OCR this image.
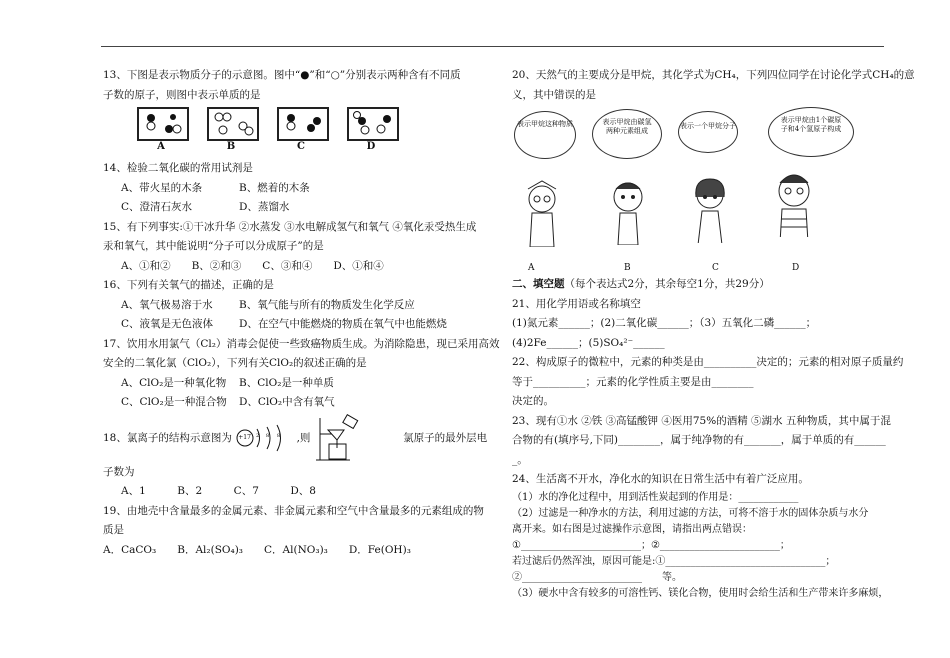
13、下图是表示物质分子的示意图。图中“●”和“○”分别表示两种含有不同质
子数的原子，则图中表示单质的是
A	B	C	D
14、检验二氧化碳的常用试剂是
A、带火星的木条	B、燃着的木条
C、澄清石灰水	D、蒸馏水
15、有下列事实:①干冰升华 ②水蒸发 ③水电解成氢气和氧气 ④氧化汞受热生成
汞和氧气，其中能说明“分子可以分成原子”的是
A、①和②　　B、②和③　　C、③和④　　D、①和④
16、下列有关氧气的描述，正确的是
A、氧气极易溶于水	B、氧气能与所有的物质发生化学反应
C、液氧是无色液体 D、在空气中能燃烧的物质在氧气中也能燃烧
17、饮用水用氯气（Cl₂）消毒会促使一些致癌物质生成。为消除隐患，现已采用高效
安全的二氧化氯（ClO₂），下列有关ClO₂的叙述正确的是
A、ClO₂是一种氧化物 B、ClO₂是一种单质
C、ClO₂是一种混合物 D、ClO₂中含有氧气
18、氯离子的结构示意图为	2 8 8
+17	,则	氯原子的最外层电
子数为
A、1　　　B、2　　　C、7　　　D、8
19、由地壳中含量最多的金属元素、非金属元素和空气中含量最多的元素组成的物
质是
A．CaCO₃　　B．Al₂(SO₄)₃　　C．Al(NO₃)₃　　D．Fe(OH)₃
20、天然气的主要成分是甲烷，其化学式为CH₄，下列四位同学在讨论化学式CH₄的意
义，其中错误的是
表示甲烷这种物质	表示甲烷由碳氢两种元素组成
表示一个甲烷分子
表示甲烷由1个碳原子和4个氢原子构成
A	B	C	D
二、填空题（每个表达式2分，其余每空1分，共29分）
21、用化学用语或名称填空
(1)氮元素______；(2)二氧化碳______；（3）五氧化二磷______；
(4)2Fe______；(5)SO₄²⁻______
22、构成原子的微粒中，元素的种类是由__________决定的；元素的相对原子质量约
等于__________；元素的化学性质主要是由________
决定的。
23、现有①水 ②铁 ③高锰酸钾 ④医用75%的酒精 ⑤湖水 五种物质，其中属于混
合物的有(填序号,下同)________，属于纯净物的有_______，属于单质的有______
_。
24、生活离不开水，净化水的知识在日常生活中有着广泛应用。
（1）水的净化过程中，用到活性炭起到的作用是：____________
（2）过滤是一种净水的方法，利用过滤的方法，可将不溶于水的固体杂质与水分
离开来。如右图是过滤操作示意图，请指出两点错误：
①________________________；②________________________；
若过滤后仍然浑浊，原因可能是:①________________________________；
②________________________　　等。
（3）硬水中含有较多的可溶性钙、镁化合物，使用时会给生活和生产带来许多麻烦，
